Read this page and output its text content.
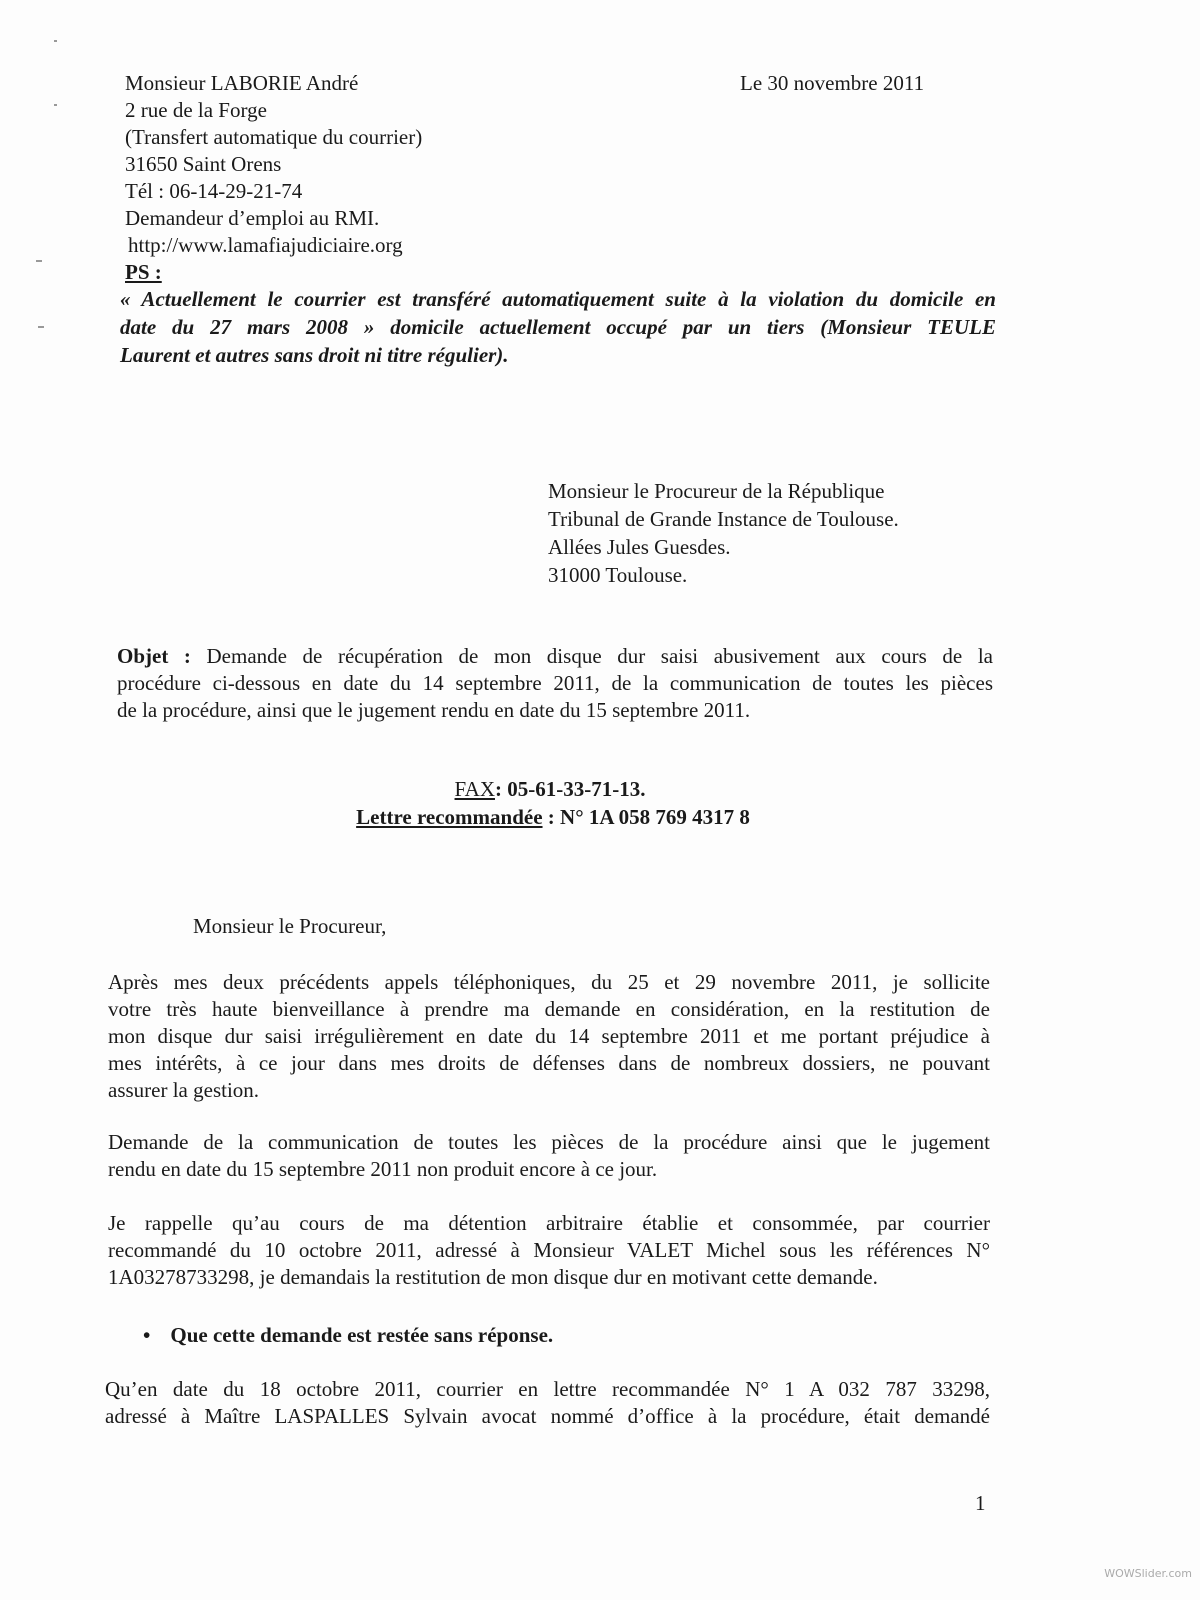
Monsieur LABORIE André
2 rue de la Forge
(Transfert automatique du courrier)
31650 Saint Orens
Tél : 06-14-29-21-74
Demandeur d’emploi au RMI.
http://www.lamafiajudiciaire.org
PS :
Le 30 novembre 2011
« Actuellement le courrier est transféré automatiquement suite à la violation du domicile en
date du 27 mars 2008 » domicile actuellement occupé par un tiers (Monsieur TEULE
Laurent et autres sans droit ni titre régulier).
Monsieur le Procureur de la République
Tribunal de Grande Instance de Toulouse.
Allées Jules Guesdes.
31000 Toulouse.
Objet : Demande de récupération de mon disque dur saisi abusivement aux cours de la
procédure ci-dessous en date du 14 septembre 2011, de la communication de toutes les pièces
de la procédure, ainsi que le jugement rendu en date du 15 septembre 2011.
FAX: 05-61-33-71-13.
Lettre recommandée : N° 1A 058 769 4317 8
Monsieur le Procureur,
Après mes deux précédents appels téléphoniques, du 25 et 29 novembre 2011, je sollicite
votre très haute bienveillance à prendre ma demande en considération, en la restitution de
mon disque dur saisi irrégulièrement en date du 14 septembre 2011 et me portant préjudice à
mes intérêts, à ce jour dans mes droits de défenses dans de nombreux dossiers, ne pouvant
assurer la gestion.
Demande de la communication de toutes les pièces de la procédure ainsi que le jugement
rendu en date du 15 septembre 2011 non produit encore à ce jour.
Je rappelle qu’au cours de ma détention arbitraire établie et consommée, par courrier
recommandé du 10 octobre 2011, adressé à Monsieur VALET Michel sous les références N°
1A03278733298, je demandais la restitution de mon disque dur en motivant cette demande.
• Que cette demande est restée sans réponse.
Qu’en date du 18 octobre 2011, courrier en lettre recommandée N° 1 A 032 787 33298,
adressé à Maître LASPALLES Sylvain avocat nommé d’office à la procédure, était demandé
1
WOWSlider.com
